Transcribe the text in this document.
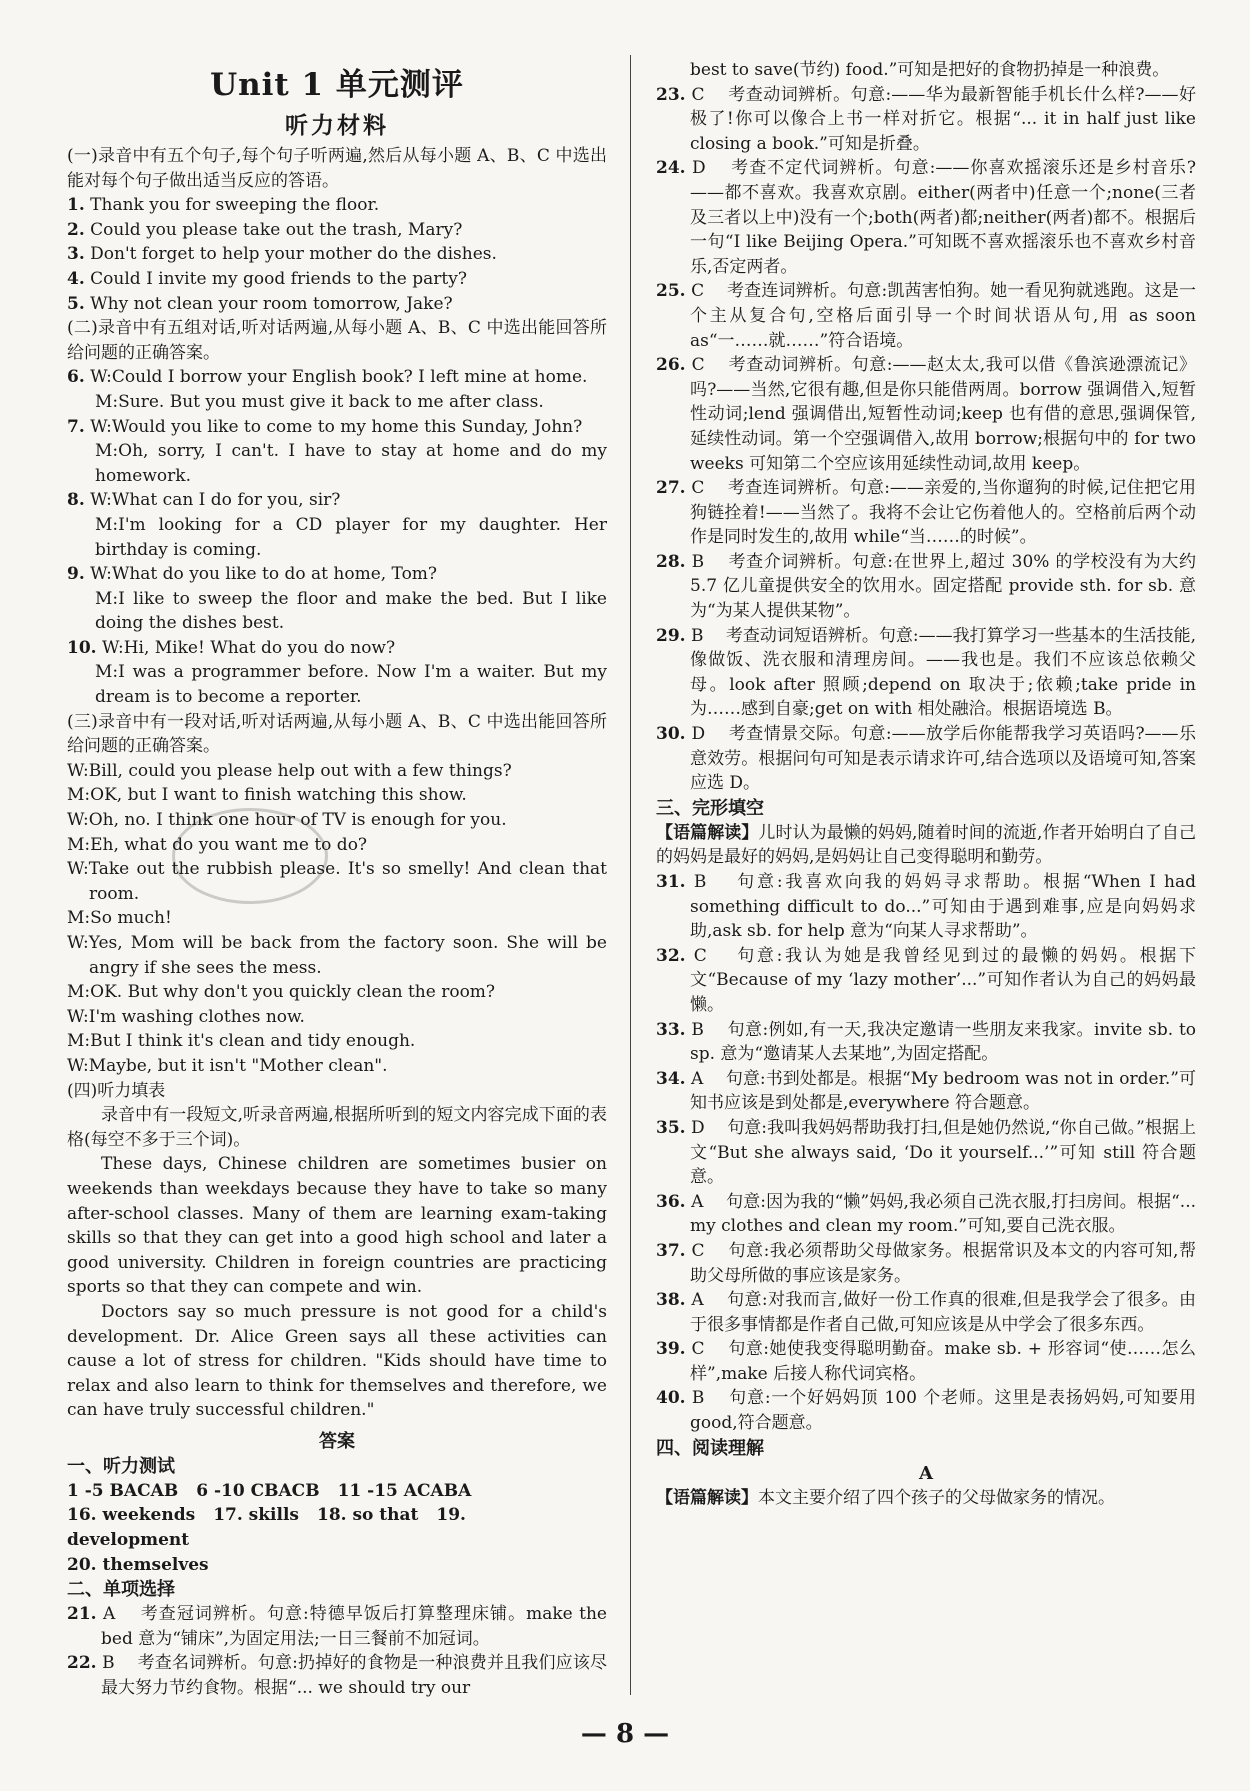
Unit 1 单元测评
听力材料

(一)录音中有五个句子,每个句子听两遍,然后从每小题 A、B、C 中选出能对每个句子做出适当反应的答语。

1. Thank you for sweeping the floor.

2. Could you please take out the trash, Mary?

3. Don't forget to help your mother do the dishes.

4. Could I invite my good friends to the party?

5. Why not clean your room tomorrow, Jake?

(二)录音中有五组对话,听对话两遍,从每小题 A、B、C 中选出能回答所给问题的正确答案。

6. W:Could I borrow your English book? I left mine at home.

M:Sure. But you must give it back to me after class.

7. W:Would you like to come to my home this Sunday, John?

M:Oh, sorry, I can't. I have to stay at home and do my homework.

8. W:What can I do for you, sir?

M:I'm looking for a CD player for my daughter. Her birthday is coming.

9. W:What do you like to do at home, Tom?

M:I like to sweep the floor and make the bed. But I like doing the dishes best.

10. W:Hi, Mike! What do you do now?

M:I was a programmer before. Now I'm a waiter. But my dream is to become a reporter.

(三)录音中有一段对话,听对话两遍,从每小题 A、B、C 中选出能回答所给问题的正确答案。

W:Bill, could you please help out with a few things?

M:OK, but I want to finish watching this show.

W:Oh, no. I think one hour of TV is enough for you.

M:Eh, what do you want me to do?

W:Take out the rubbish please. It's so smelly! And clean that room.

M:So much!

W:Yes, Mom will be back from the factory soon. She will be angry if she sees the mess.

M:OK. But why don't you quickly clean the room?

W:I'm washing clothes now.

M:But I think it's clean and tidy enough.

W:Maybe, but it isn't "Mother clean".

(四)听力填表

录音中有一段短文,听录音两遍,根据所听到的短文内容完成下面的表格(每空不多于三个词)。

These days, Chinese children are sometimes busier on weekends than weekdays because they have to take so many after-school classes. Many of them are learning exam-taking skills so that they can get into a good high school and later a good university. Children in foreign countries are practicing sports so that they can compete and win.

Doctors say so much pressure is not good for a child's development. Dr. Alice Green says all these activities can cause a lot of stress for children. "Kids should have time to relax and also learn to think for themselves and therefore, we can have truly successful children."

答案
一、听力测试

1 -5 BACAB 6 -10 CBACB 11 -15 ACABA

16. weekends 17. skills 18. so that 19. development

20. themselves

二、单项选择

21. A　 考查冠词辨析。句意:特德早饭后打算整理床铺。make the bed 意为“铺床”,为固定用法;一日三餐前不加冠词。

22. B　 考查名词辨析。句意:扔掉好的食物是一种浪费并且我们应该尽最大努力节约食物。根据“... we should try our

best to save(节约) food.”可知是把好的食物扔掉是一种浪费。

23. C　 考查动词辨析。句意:——华为最新智能手机长什么样?——好极了!你可以像合上书一样对折它。根据“... it in half just like closing a book.”可知是折叠。

24. D　 考查不定代词辨析。句意:——你喜欢摇滚乐还是乡村音乐?——都不喜欢。我喜欢京剧。either(两者中)任意一个;none(三者及三者以上中)没有一个;both(两者)都;neither(两者)都不。根据后一句“I like Beijing Opera.”可知既不喜欢摇滚乐也不喜欢乡村音乐,否定两者。

25. C　 考查连词辨析。句意:凯茜害怕狗。她一看见狗就逃跑。这是一个主从复合句,空格后面引导一个时间状语从句,用 as soon as“一……就……”符合语境。

26. C　 考查动词辨析。句意:——赵太太,我可以借《鲁滨逊漂流记》吗?——当然,它很有趣,但是你只能借两周。borrow 强调借入,短暂性动词;lend 强调借出,短暂性动词;keep 也有借的意思,强调保管,延续性动词。第一个空强调借入,故用 borrow;根据句中的 for two weeks 可知第二个空应该用延续性动词,故用 keep。

27. C　 考查连词辨析。句意:——亲爱的,当你遛狗的时候,记住把它用狗链拴着!——当然了。我将不会让它伤着他人的。空格前后两个动作是同时发生的,故用 while“当……的时候”。

28. B　 考查介词辨析。句意:在世界上,超过 30% 的学校没有为大约 5.7 亿儿童提供安全的饮用水。固定搭配 provide sth. for sb. 意为“为某人提供某物”。

29. B　 考查动词短语辨析。句意:——我打算学习一些基本的生活技能,像做饭、洗衣服和清理房间。——我也是。我们不应该总依赖父母。look after 照顾;depend on 取决于;依赖;take pride in 为……感到自豪;get on with 相处融洽。根据语境选 B。

30. D　 考查情景交际。句意:——放学后你能帮我学习英语吗?——乐意效劳。根据问句可知是表示请求许可,结合选项以及语境可知,答案应选 D。

三、完形填空

【语篇解读】儿时认为最懒的妈妈,随着时间的流逝,作者开始明白了自己的妈妈是最好的妈妈,是妈妈让自己变得聪明和勤劳。

31. B　 句意:我喜欢向我的妈妈寻求帮助。根据“When I had something difficult to do...”可知由于遇到难事,应是向妈妈求助,ask sb. for help 意为“向某人寻求帮助”。

32. C　 句意:我认为她是我曾经见到过的最懒的妈妈。根据下文“Because of my ‘lazy mother’...”可知作者认为自己的妈妈最懒。

33. B　 句意:例如,有一天,我决定邀请一些朋友来我家。invite sb. to sp. 意为“邀请某人去某地”,为固定搭配。

34. A　 句意:书到处都是。根据“My bedroom was not in order.”可知书应该是到处都是,everywhere 符合题意。

35. D　 句意:我叫我妈妈帮助我打扫,但是她仍然说,“你自己做。”根据上文“But she always said, ‘Do it yourself...’”可知 still 符合题意。

36. A　 句意:因为我的“懒”妈妈,我必须自己洗衣服,打扫房间。根据“... my clothes and clean my room.”可知,要自己洗衣服。

37. C　 句意:我必须帮助父母做家务。根据常识及本文的内容可知,帮助父母所做的事应该是家务。

38. A　 句意:对我而言,做好一份工作真的很难,但是我学会了很多。由于很多事情都是作者自己做,可知应该是从中学会了很多东西。

39. C　 句意:她使我变得聪明勤奋。make sb. + 形容词“使……怎么样”,make 后接人称代词宾格。

40. B　 句意:一个好妈妈顶 100 个老师。这里是表扬妈妈,可知要用 good,符合题意。

四、阅读理解
A

【语篇解读】本文主要介绍了四个孩子的父母做家务的情况。

— 8 —
